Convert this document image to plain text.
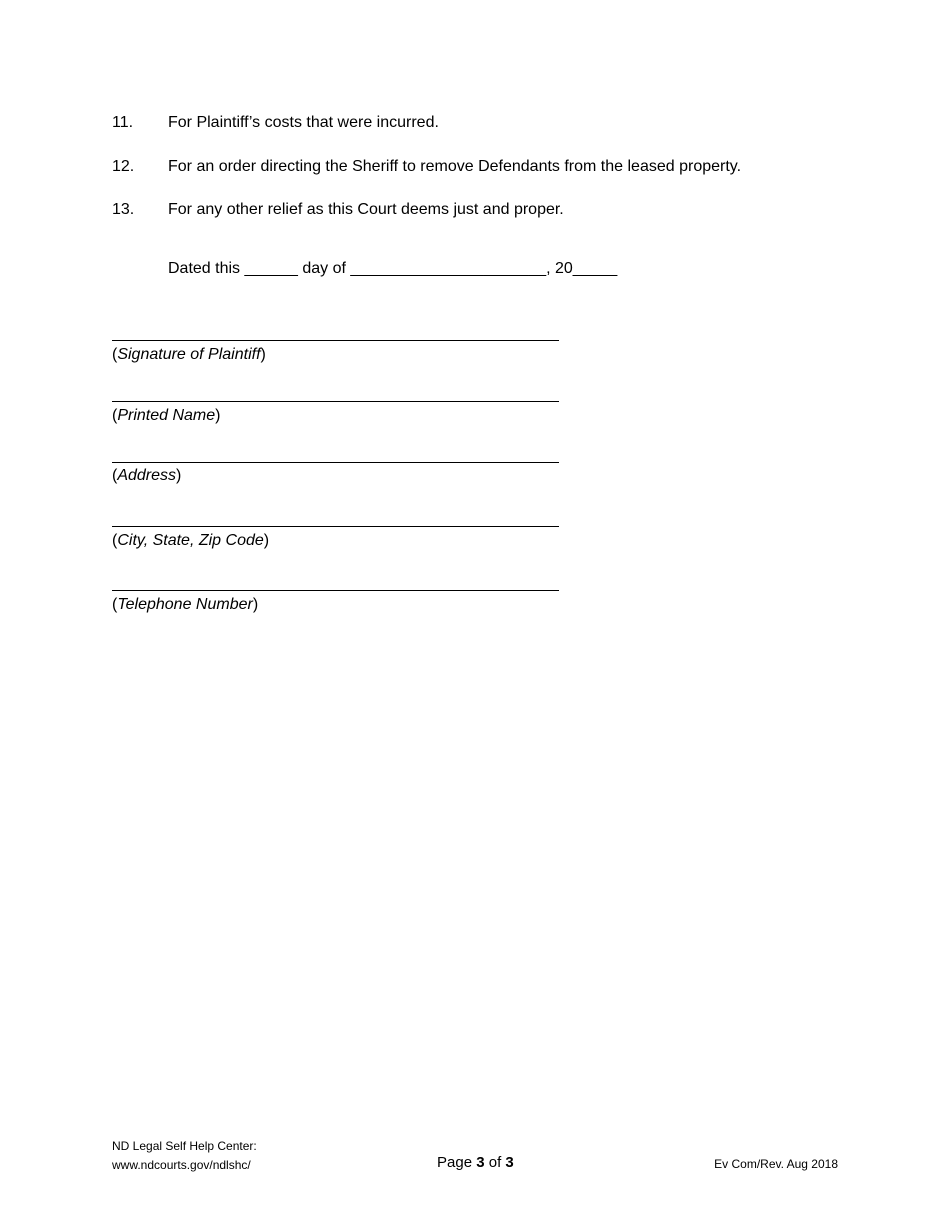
11. For Plaintiff’s costs that were incurred.
12. For an order directing the Sheriff to remove Defendants from the leased property.
13. For any other relief as this Court deems just and proper.
Dated this ______ day of ______________________, 20_____
(Signature of Plaintiff)
(Printed Name)
(Address)
(City, State, Zip Code)
(Telephone Number)
ND Legal Self Help Center:
www.ndcourts.gov/ndlshc/	Page 3 of 3	Ev Com/Rev. Aug 2018
